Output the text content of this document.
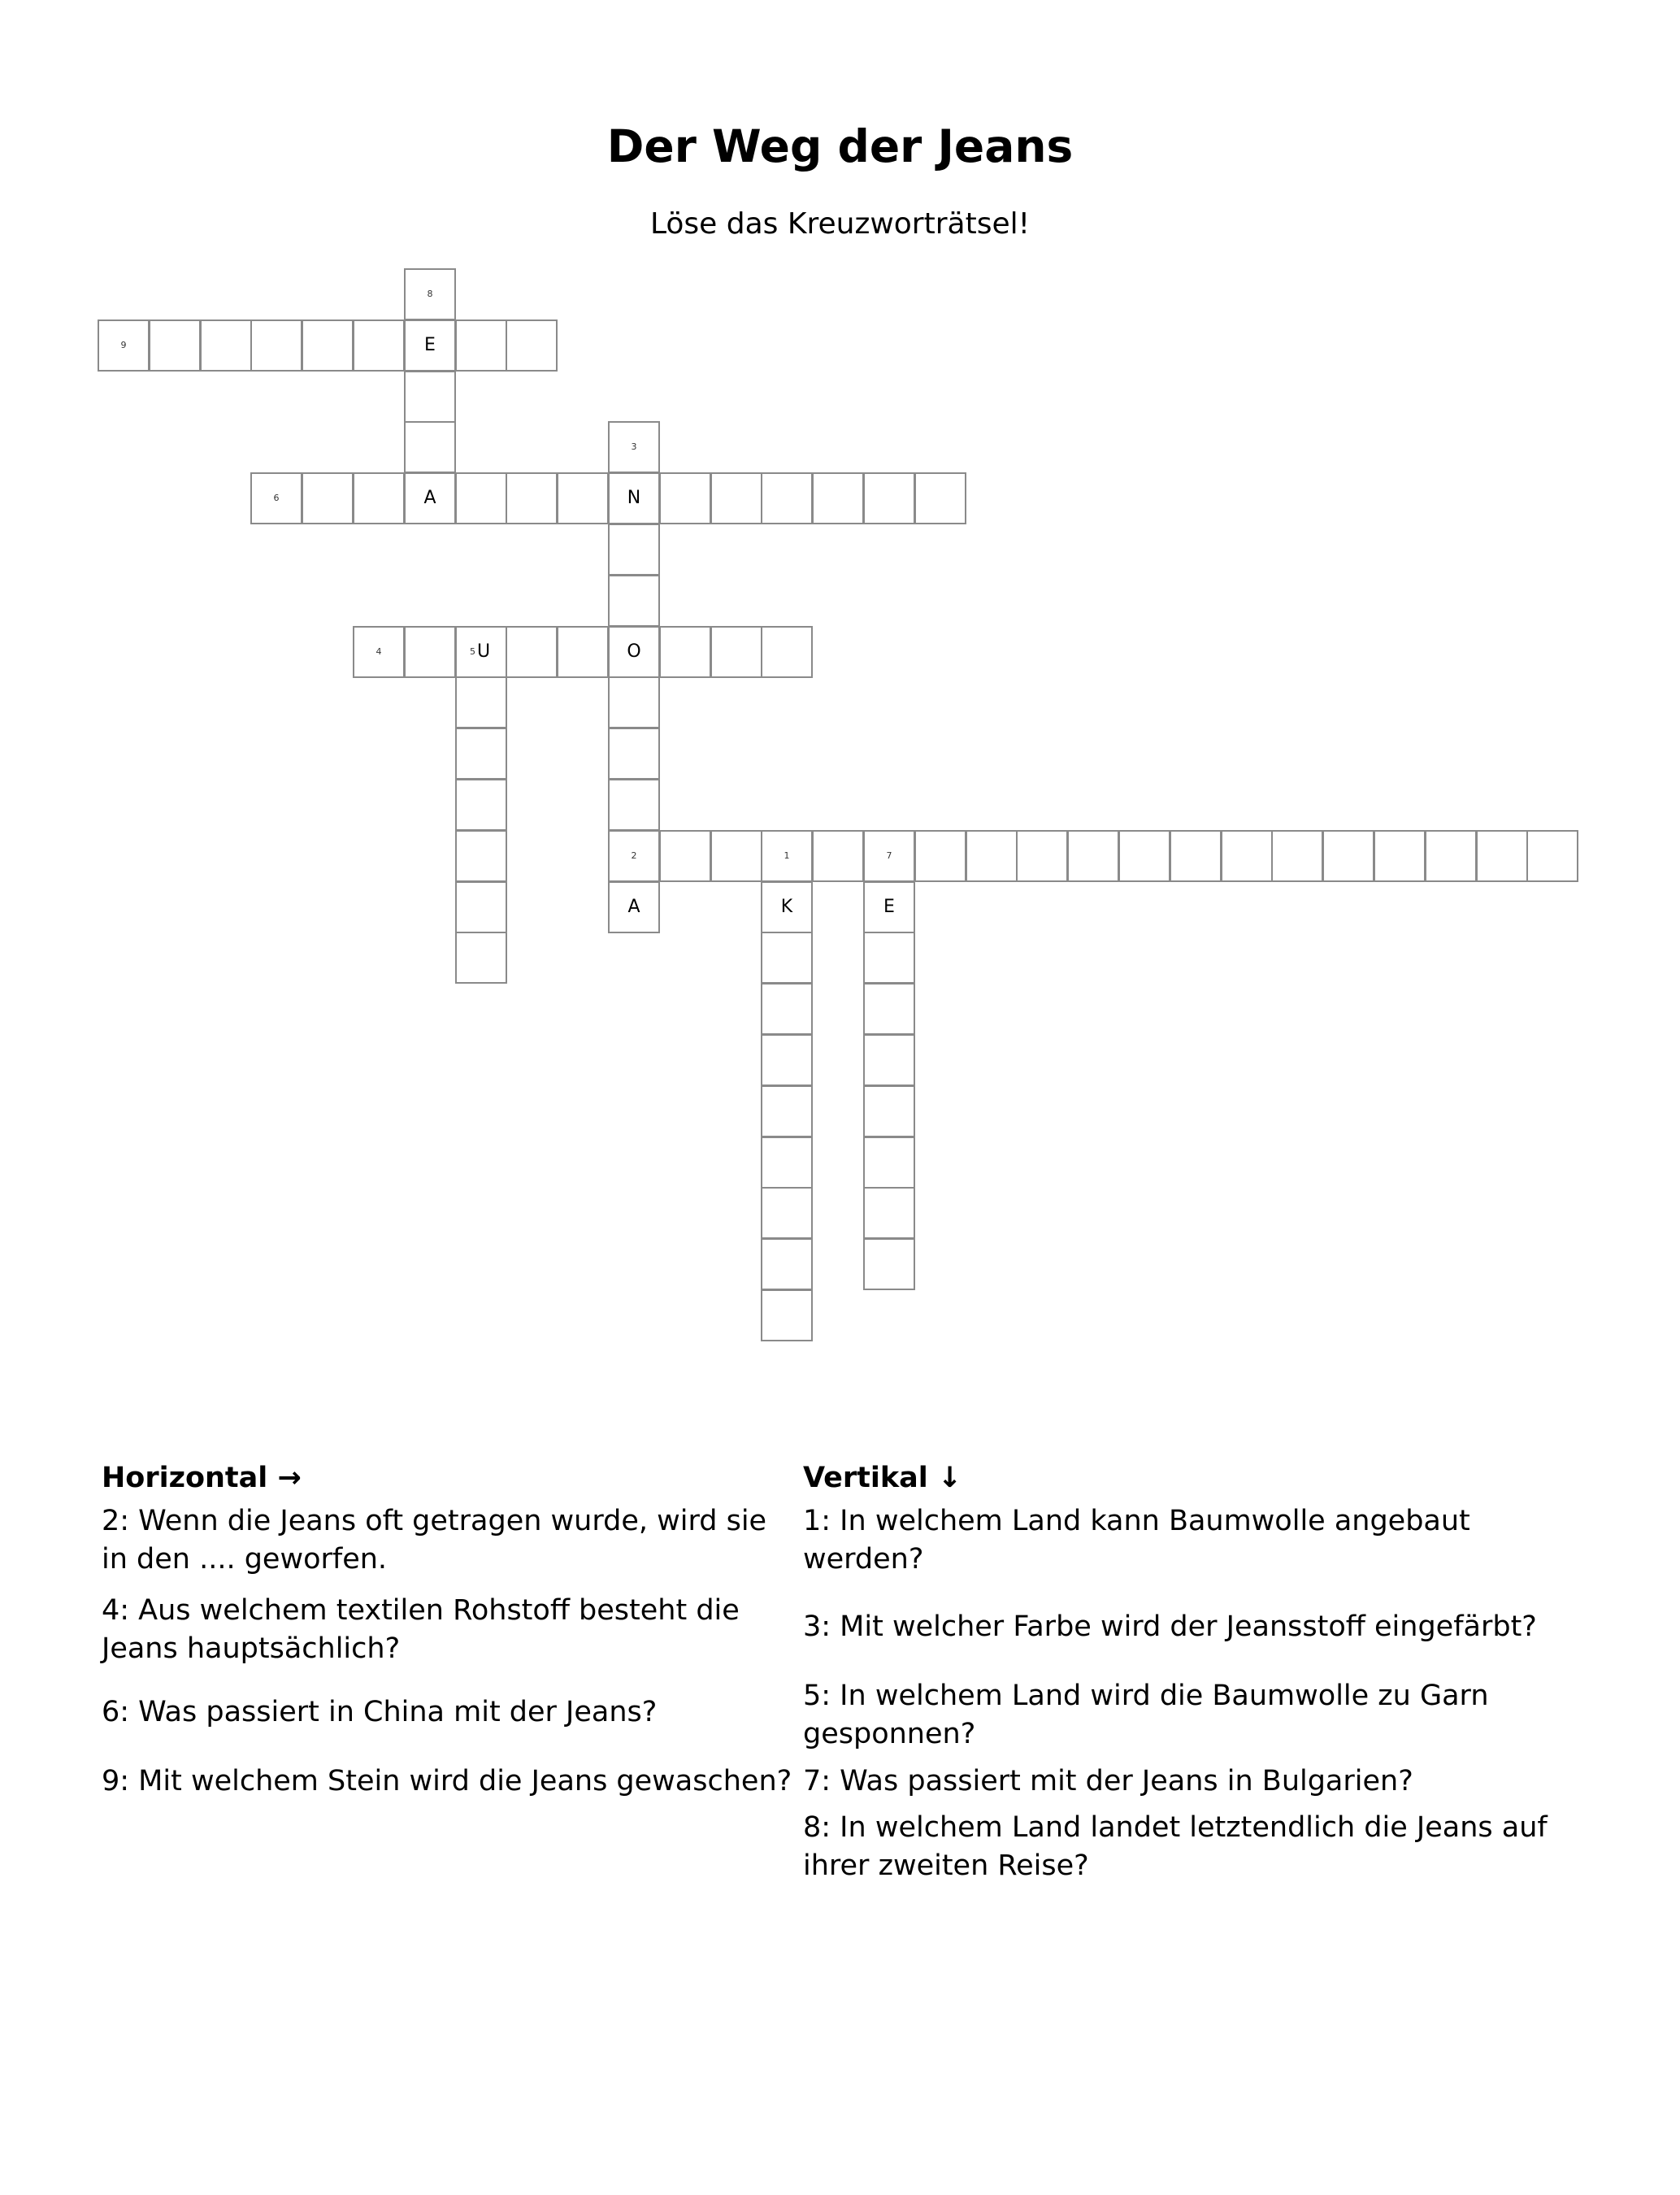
Der Weg der Jeans

Löse das Kreuzworträtsel!

1
K
2	7
3
N
O
A
4	5 U
6	A
E
8
E
9
Horizontal →

2: Wenn die Jeans oft getragen wurde, wird sie in den .... geworfen.

4: Aus welchem textilen Rohstoff besteht die Jeans hauptsächlich?

6: Was passiert in China mit der Jeans?

9: Mit welchem Stein wird die Jeans gewaschen?

Vertikal ↓

1: In welchem Land kann Baumwolle angebaut werden?

3: Mit welcher Farbe wird der Jeansstoff eingefärbt?

5: In welchem Land wird die Baumwolle zu Garn gesponnen?

7: Was passiert mit der Jeans in Bulgarien?

8: In welchem Land landet letztendlich die Jeans auf ihrer zweiten Reise?
